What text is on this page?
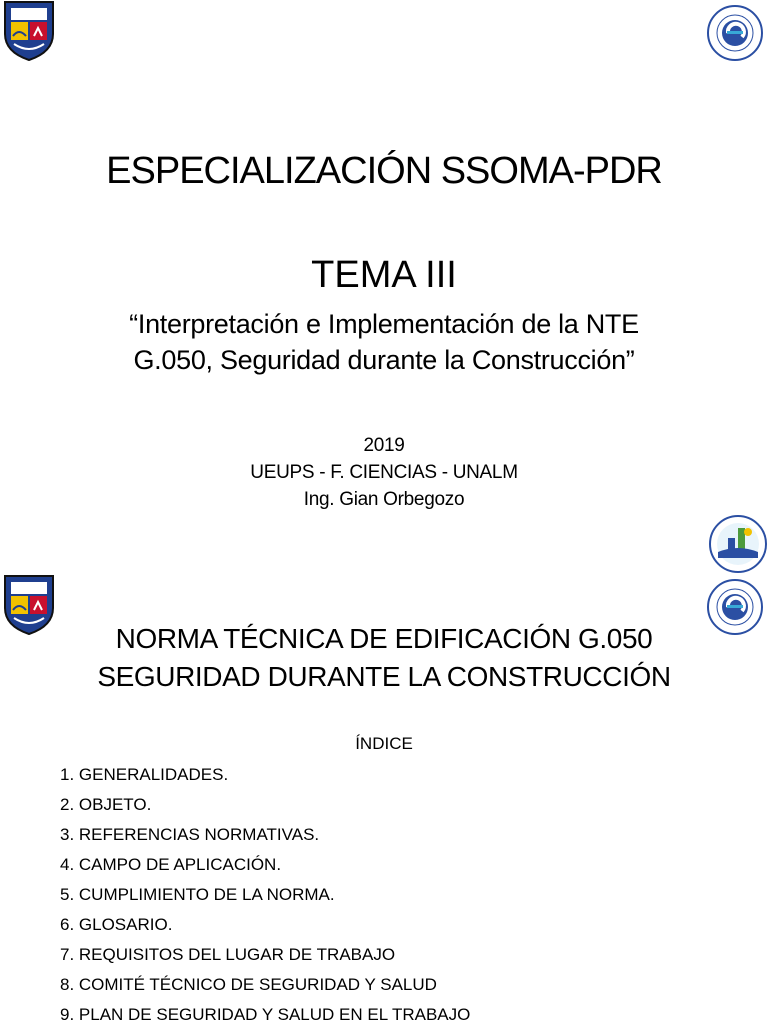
ESPECIALIZACIÓN SSOMA-PDR
TEMA III
“Interpretación e Implementación de la NTE
G.050, Seguridad durante la Construcción”
2019
UEUPS - F. CIENCIAS - UNALM
Ing. Gian Orbegozo
NORMA TÉCNICA DE EDIFICACIÓN G.050
SEGURIDAD DURANTE LA CONSTRUCCIÓN
ÍNDICE
1. GENERALIDADES.
2. OBJETO.
3. REFERENCIAS NORMATIVAS.
4. CAMPO DE APLICACIÓN.
5. CUMPLIMIENTO DE LA NORMA.
6. GLOSARIO.
7. REQUISITOS DEL LUGAR DE TRABAJO
8. COMITÉ TÉCNICO DE SEGURIDAD Y SALUD
9. PLAN DE SEGURIDAD Y SALUD EN EL TRABAJO
